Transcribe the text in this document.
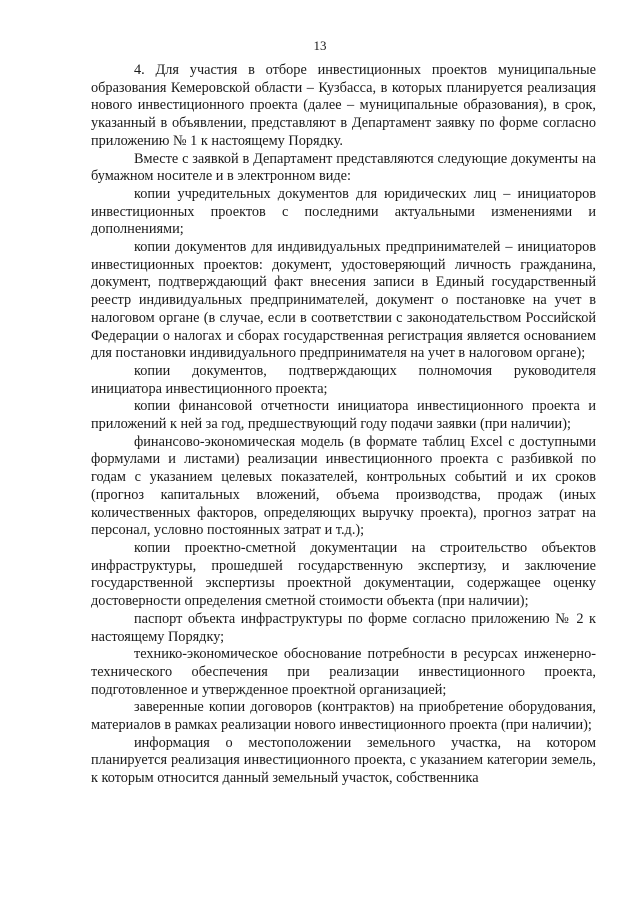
13

4. Для участия в отборе инвестиционных проектов муниципальные образования Кемеровской области – Кузбасса, в которых планируется реализация нового инвестиционного проекта (далее – муниципальные образования), в срок, указанный в объявлении, представляют в Департамент заявку по форме согласно приложению № 1 к настоящему Порядку.

Вместе с заявкой в Департамент представляются следующие документы на бумажном носителе и в электронном виде:

копии учредительных документов для юридических лиц – инициаторов инвестиционных проектов с последними актуальными изменениями и дополнениями;

копии документов для индивидуальных предпринимателей – инициаторов инвестиционных проектов: документ, удостоверяющий личность гражданина, документ, подтверждающий факт внесения записи в Единый государственный реестр индивидуальных предпринимателей, документ о постановке на учет в налоговом органе (в случае, если в соответствии с законодательством Российской Федерации о налогах и сборах государственная регистрация является основанием для постановки индивидуального предпринимателя на учет в налоговом органе);

копии документов, подтверждающих полномочия руководителя инициатора инвестиционного проекта;

копии финансовой отчетности инициатора инвестиционного проекта и приложений к ней за год, предшествующий году подачи заявки (при наличии);

финансово-экономическая модель (в формате таблиц Excel с доступными формулами и листами) реализации инвестиционного проекта с разбивкой по годам с указанием целевых показателей, контрольных событий и их сроков (прогноз капитальных вложений, объема производства, продаж (иных количественных факторов, определяющих выручку проекта), прогноз затрат на персонал, условно постоянных затрат и т.д.);

копии проектно-сметной документации на строительство объектов инфраструктуры, прошедшей государственную экспертизу, и заключение государственной экспертизы проектной документации, содержащее оценку достоверности определения сметной стоимости объекта (при наличии);

паспорт объекта инфраструктуры по форме согласно приложению № 2 к настоящему Порядку;

технико-экономическое обоснование потребности в ресурсах инженерно-технического обеспечения при реализации инвестиционного проекта, подготовленное и утвержденное проектной организацией;

заверенные копии договоров (контрактов) на приобретение оборудования, материалов в рамках реализации нового инвестиционного проекта (при наличии);

информация о местоположении земельного участка, на котором планируется реализация инвестиционного проекта, с указанием категории земель, к которым относится данный земельный участок, собственника
